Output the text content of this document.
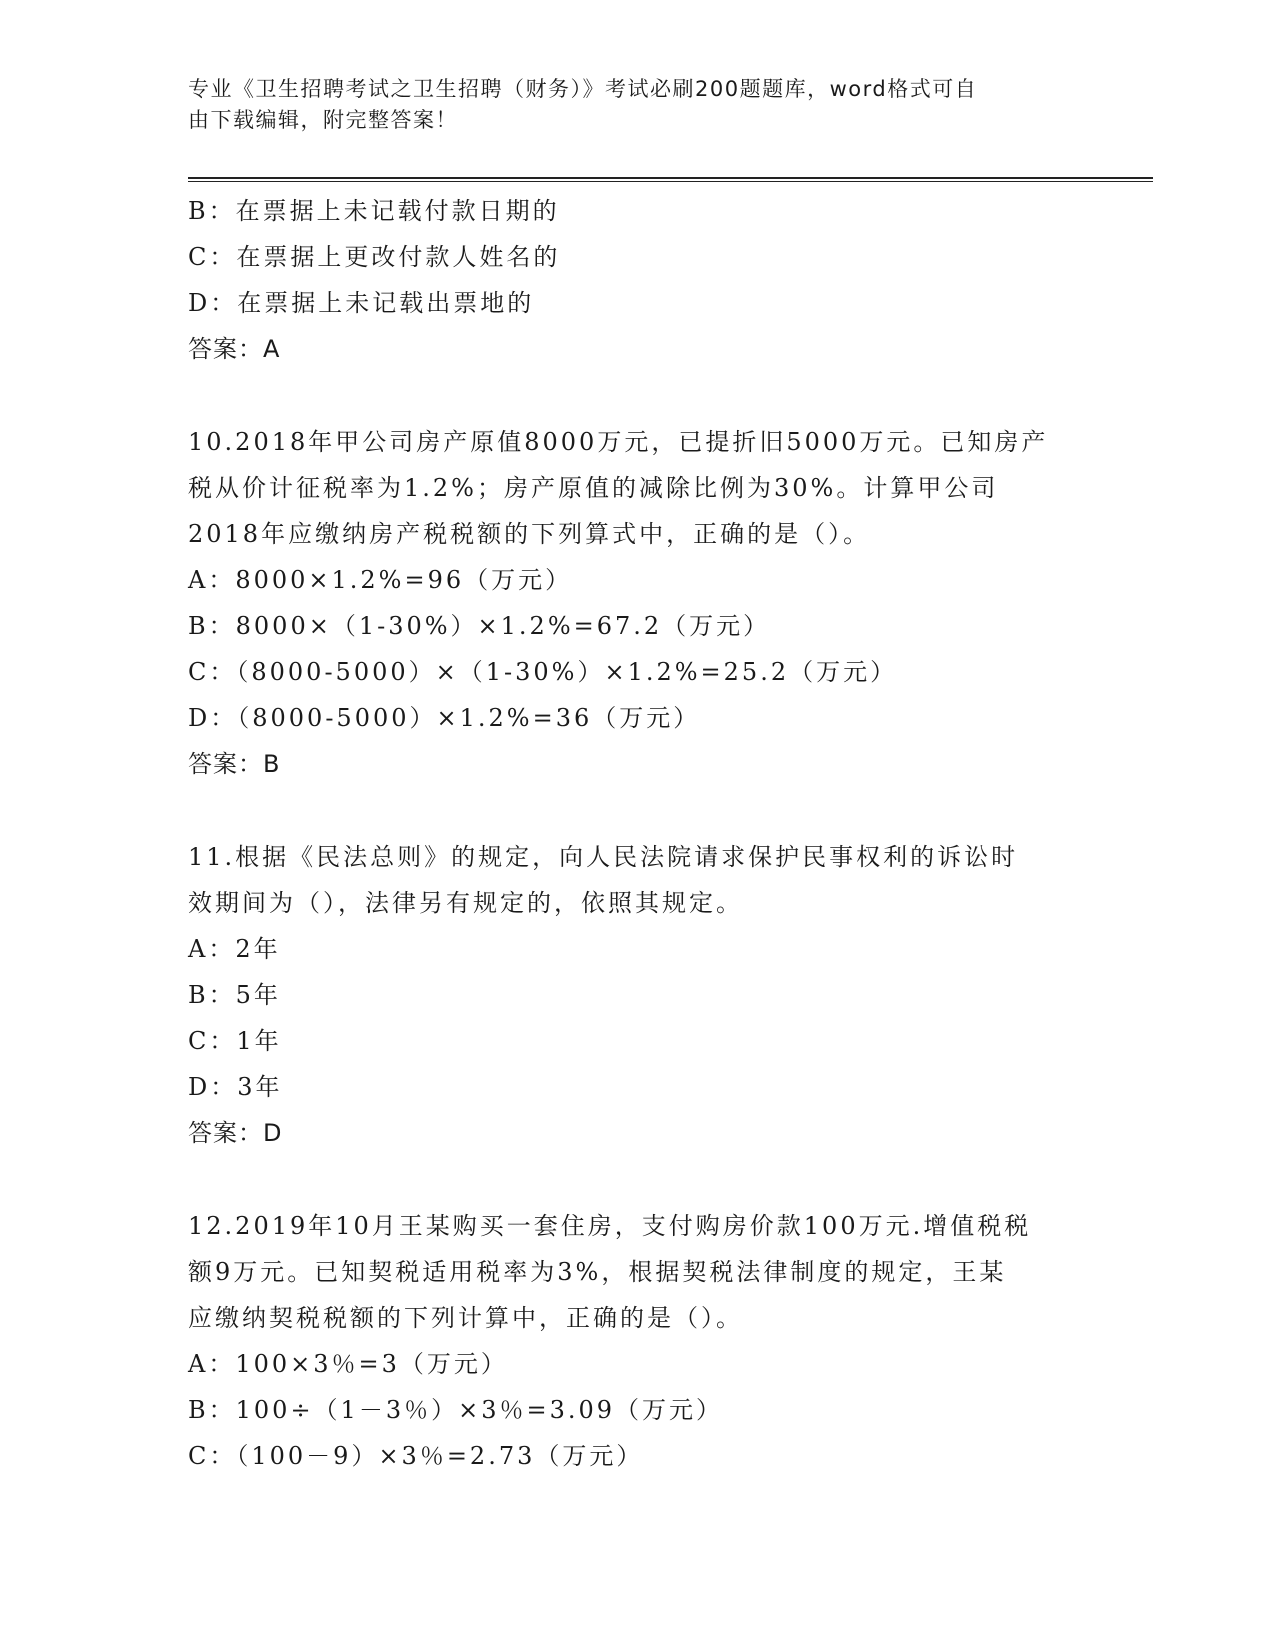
专业《卫生招聘考试之卫生招聘（财务）》考试必刷200题题库，word格式可自
由下载编辑，附完整答案！
B：在票据上未记载付款日期的
C：在票据上更改付款人姓名的
D：在票据上未记载出票地的
答案：A
10.2018年甲公司房产原值8000万元，已提折旧5000万元。已知房产
税从价计征税率为1.2%；房产原值的减除比例为30%。计算甲公司
2018年应缴纳房产税税额的下列算式中，正确的是（）。
A：8000×1.2%=96（万元）
B：8000×（1-30%）×1.2%=67.2（万元）
C：（8000-5000）×（1-30%）×1.2%=25.2（万元）
D：（8000-5000）×1.2%=36（万元）
答案：B
11.根据《民法总则》的规定，向人民法院请求保护民事权利的诉讼时
效期间为（），法律另有规定的，依照其规定。
A：2年
B：5年
C：1年
D：3年
答案：D
12.2019年10月王某购买一套住房，支付购房价款100万元.增值税税
额9万元。已知契税适用税率为3%，根据契税法律制度的规定，王某
应缴纳契税税额的下列计算中，正确的是（）。
A：100×3％=3（万元）
B：100÷（1－3％）×3％=3.09（万元）
C：（100－9）×3％=2.73（万元）
